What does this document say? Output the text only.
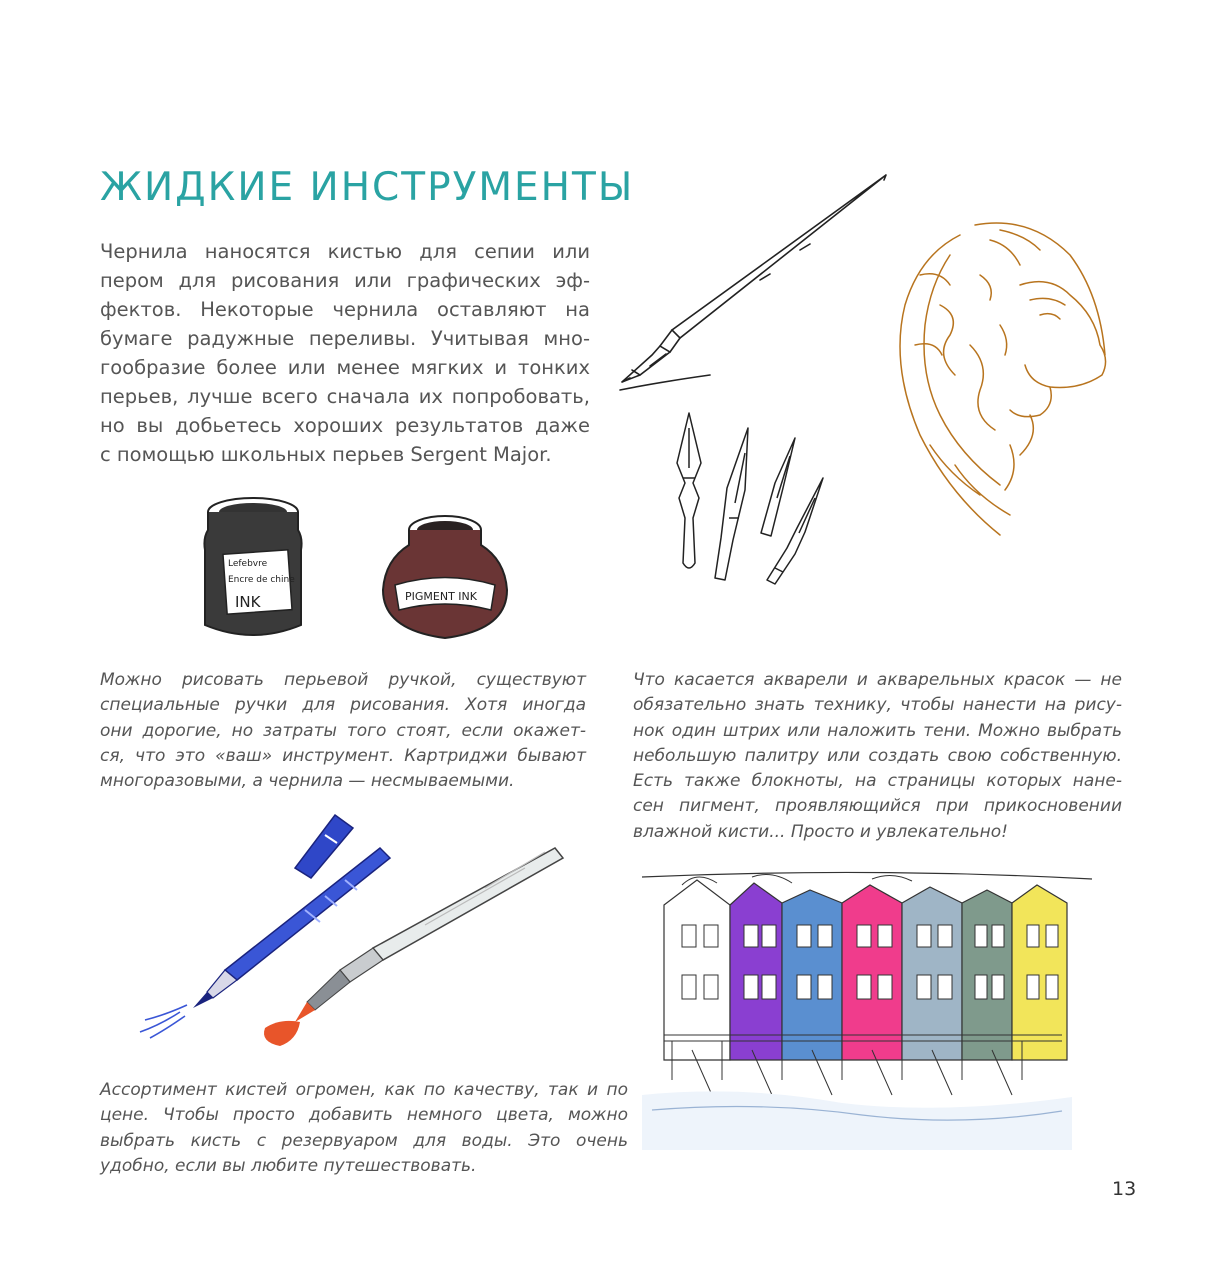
ЖИДКИЕ ИНСТРУМЕНТЫ
Чернила наносятся кистью для сепии или
пером для рисования или графических эф-
фектов. Некоторые чернила оставляют на
бумаге радужные переливы. Учитывая мно-
гообразие более или менее мягких и тонких
перьев, лучше всего сначала их попробовать,
но вы добьетесь хороших результатов даже
с помощью школьных перьев Sergent Major.
Lefebvre
Encre de chine
INK	PIGMENT INK
Можно рисовать перьевой ручкой, существуют
специальные ручки для рисования. Хотя иногда
они дорогие, но затраты того стоят, если окажет-
ся, что это «ваш» инструмент. Картриджи бывают
многоразовыми, а чернила — несмываемыми.
Что касается акварели и акварельных красок — не
обязательно знать технику, чтобы нанести на рису-
нок один штрих или наложить тени. Можно выбрать
небольшую палитру или создать свою собственную.
Есть также блокноты, на страницы которых нане-
сен пигмент, проявляющийся при прикосновении
влажной кисти... Просто и увлекательно!
Ассортимент кистей огромен, как по качеству, так и по
цене. Чтобы просто добавить немного цвета, можно
выбрать кисть с резервуаром для воды. Это очень
удобно, если вы любите путешествовать.
13
